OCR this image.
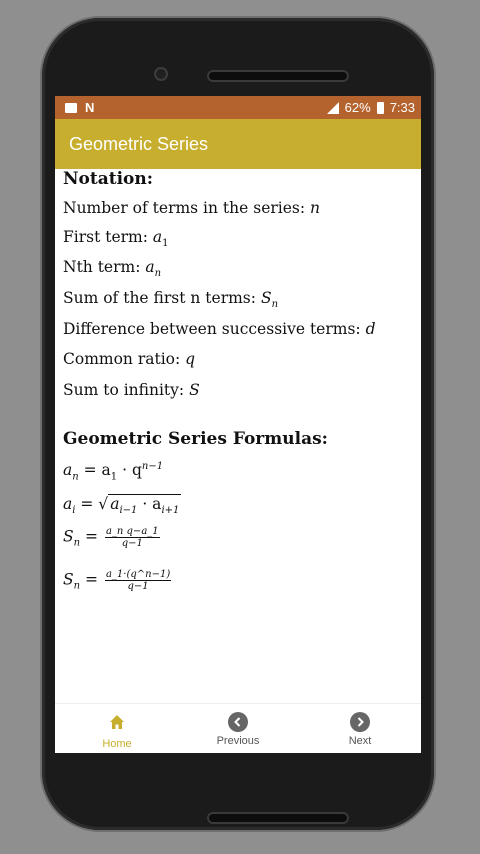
N	62% 7:33
Geometric Series
Notation:
Number of terms in the series: n
First term: $a_1$
Nth term: $a_n$
Sum of the first n terms: $S_n$
Difference between successive terms: d
Common ratio: q
Sum to infinity: S
Geometric Series Formulas:
$a_n = a_1 \cdot q^{n-1}$
$a_i$ = √ $a_{i-1} \cdot a_{i+1}$
$S_n = \frac{\text{a\_n q−a\_1}}{q-1}$
$S_n = \frac{a\_1\cdot(q\^{}n-1)}{q-1}$
Home	Previous	Next
